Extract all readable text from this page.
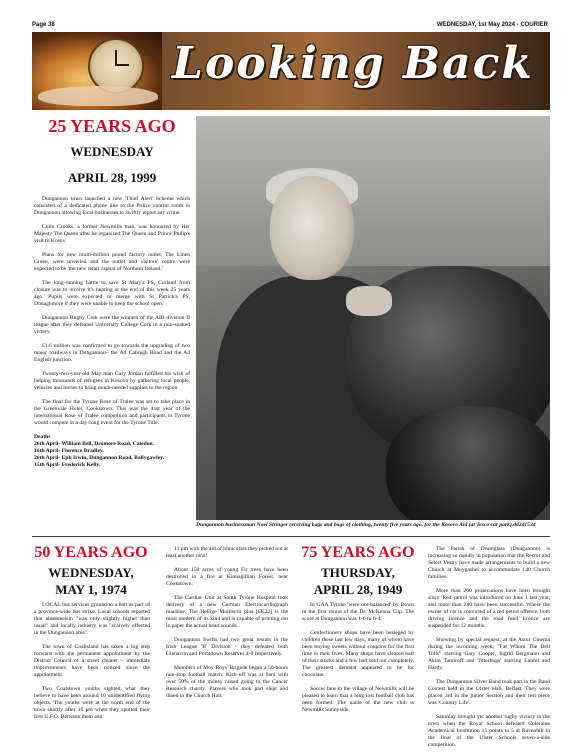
Page 38	WEDNESDAY, 1st May 2024 - COURIER
Looking Back
25 YEARS AGO
WEDNESDAY
APRIL 28, 1999

Dungannon town launched a new 'Thief Alert' Scheme which consisted of a dedicated phone line to the Police control room in Dungannon allowing local businesses to swiftly report any crime.

Colin Crooks, a former Newmills man, was honoured by Her Majesty The Queen after he organised The Queen and Prince Philip's visit to Kosov.

Plans for new multi-million pound factory outlet, The Linen Green, were unveiled and the outlet and visitors' centre were expected to be 'the new retail capital of Northern Ireland.'

The long-running battle to save St Mary's PS, Curland from closure was to receive it's hearing at the end of this week 25 years ago. Pupils were expected to merge with St Patrick's PS, Donaghmore if they were unable to keep the school open.

Dungannon Rugby Club were the winners of the AIB division II league after they defeated University College Cork in a rain-soaked victory.

£1.6 million was confirmed to go towards the upgrading of two major roadways in Dungannon– the A4 Cabragh Road and the A4 English junction.

Twenty-two-year-old May man Gary Jordan fulfilled his wish of helping thousands of refugees in Kosovo by gathering local people, vehicles and lorries to bring much-needed supplies to the region.

The final for the Tyrone Rose of Tralee was set to take place in the Greenvale Hotel, Cookstown. This was the 41st year of the international Rose of Tralee competition and participants in Tyrone would compete in a day-long event for the Tyrone Title.

Deaths
26th April- William Bell, Dromore Road, Caledon.
16th April- Florence Bradley.
26th April- Eph Irwin, Dungannon Road, Ballygawley.
15th April- Frederick Kelly.
Dungannon businessman Noel Stringer receiving bags and bags of clothing, twenty five years ago, for the Kosovo Aid (at Tesco car park).dd241534
50 YEARS AGO
WEDNESDAY,
MAY 1, 1974

LOCAL bus services ground to a halt as part of a province-wide bus strike. Local schools reported that absenteeism "was only slightly higher than usual" and locally industry was "scarcely effected in the Dungannon area".

The town of Coalisland has taken a big step forward with the permanent appointment by the District Council of a street cleaner – immediate improvements have been noticed since the appointment.

Two Coalstown youths sighted what they believe to have been around 10 unidentified flying objects. The youths were at the north end of the town shortly after 10 pm when they spotted their first U.F.O. Between them and

11 pm with the aid of binoculars they picked out at least another nine!

About 150 acres of young Fir trees have been destroyed in a fire at Kinnagillian Forest, near Cookstown.

The Cardiac Unit at South Tyrone Hospital took delivery of a new German Electrocardiograph machine. The Hellige Multiscrit plus [£K22] is the most modern of its kind and is capable of printing out in paper the actual heart sounds.

Dungannon Swifts had two great results in the Irish League 'B' Division - they defeated both Glenavon and Portadown Reserves 4-0 respectively.

Members of Moy Boys' Brigade began a 50-hours non-stop football match. Kick-off was at 9am with over 50% of the money raised going to the Cancer Research charity. Players who took part slept and dined in the Church Hall.

75 YEARS AGO
THURSDAY,
APRIL 28, 1949

In GAA Tyrone 'were out-balanced' by Down in the first round of the Dr. McKenna Cup. The score at Dungannon was 1-6 to 6-4.

Confectionery shops have been besieged by children these last few days, many of whom have been buying sweets without coupons for the first time in their lives. Many shops have cleared half of their stocks and a few had sold out completely. The greatest demand appeared to be for chocolate.

Soccer fans in the village of Newmills will be pleased to learn that a long lost football club has been formed. The name of the new club is Newmills Sunnyside.

The Parish of Drumglass (Dungannon) is increasing so rapidly in population that the Rector and Select Vestry have made arrangements to build a new Church at Moygashel to accommodate 140 Church families.

More than 260 prosecutions have been brought since 'Red' petrol was introduced on June 1 last year, and more than 240 have been successful. Where the owner of car is convicted of a red petrol offence, both driving licence and the road fund licence are suspended for 12 months.

Showing by special request, at the Astor Cinema during the incoming week, "Fat Whom The Bell Tolls" starring Gary Cooper, Ingrid Bergmann and Akim Tamiroff and 'Jitterbugs' starring Laurel and Hardy.

The Dungannon Silver Band took part in the Band Contest held in the Ulster Hall, Belfast. They were placed 3rd in the junior Section and their test piece was 'Country Life'.

Saturday brought yet another rugby victory to the town when the Royal School defeated Coleraine Academical Institution 15 points to 5 at Ravenhill in the final of the Ulster Schools seven-a-side competition.
